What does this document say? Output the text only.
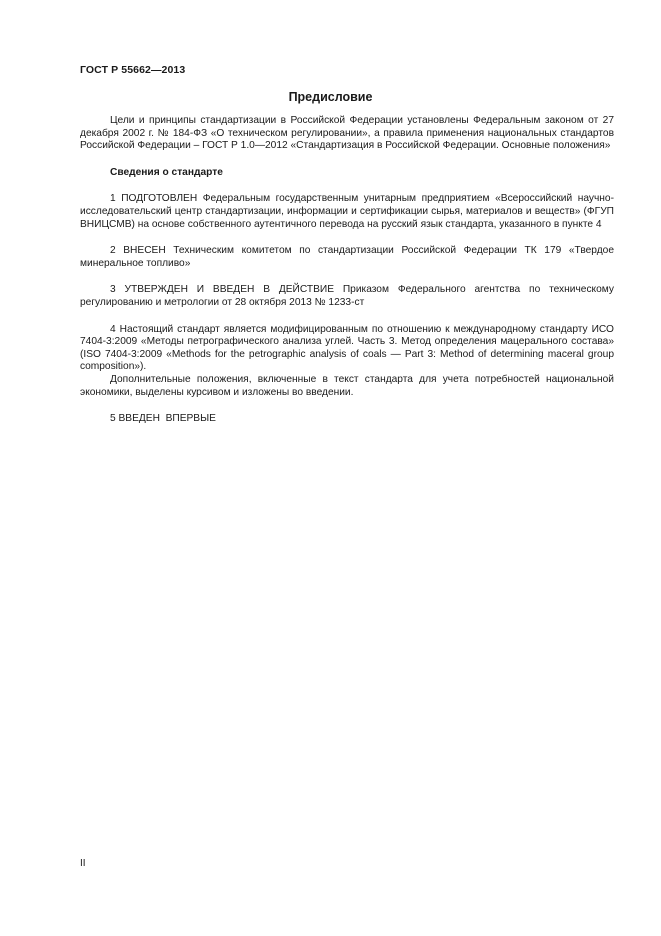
ГОСТ Р 55662—2013
Предисловие

Цели и принципы стандартизации в Российской Федерации установлены Федеральным законом от 27 декабря 2002 г. № 184-ФЗ «О техническом регулировании», а правила применения национальных стандартов Российской Федерации – ГОСТ Р 1.0—2012 «Стандартизация в Российской Федерации. Основные положения»

Сведения о стандарте

1 ПОДГОТОВЛЕН Федеральным государственным унитарным предприятием «Всероссийский научно-исследовательский центр стандартизации, информации и сертификации сырья, материалов и веществ» (ФГУП ВНИЦСМВ) на основе собственного аутентичного перевода на русский язык стандарта, указанного в пункте 4

2 ВНЕСЕН Техническим комитетом по стандартизации Российской Федерации ТК 179 «Твердое минеральное топливо»

3 УТВЕРЖДЕН И ВВЕДЕН В ДЕЙСТВИЕ Приказом Федерального агентства по техническому регулированию и метрологии от 28 октября 2013 № 1233-ст

4 Настоящий стандарт является модифицированным по отношению к международному стандарту ИСО 7404-3:2009 «Методы петрографического анализа углей. Часть 3. Метод определения мацерального состава» (ISO 7404-3:2009 «Methods for the petrographic analysis of coals — Part 3: Method of determining maceral group composition»).

Дополнительные положения, включенные в текст стандарта для учета потребностей национальной экономики, выделены курсивом и изложены во введении.

5 ВВЕДЕН  ВПЕРВЫЕ

II
